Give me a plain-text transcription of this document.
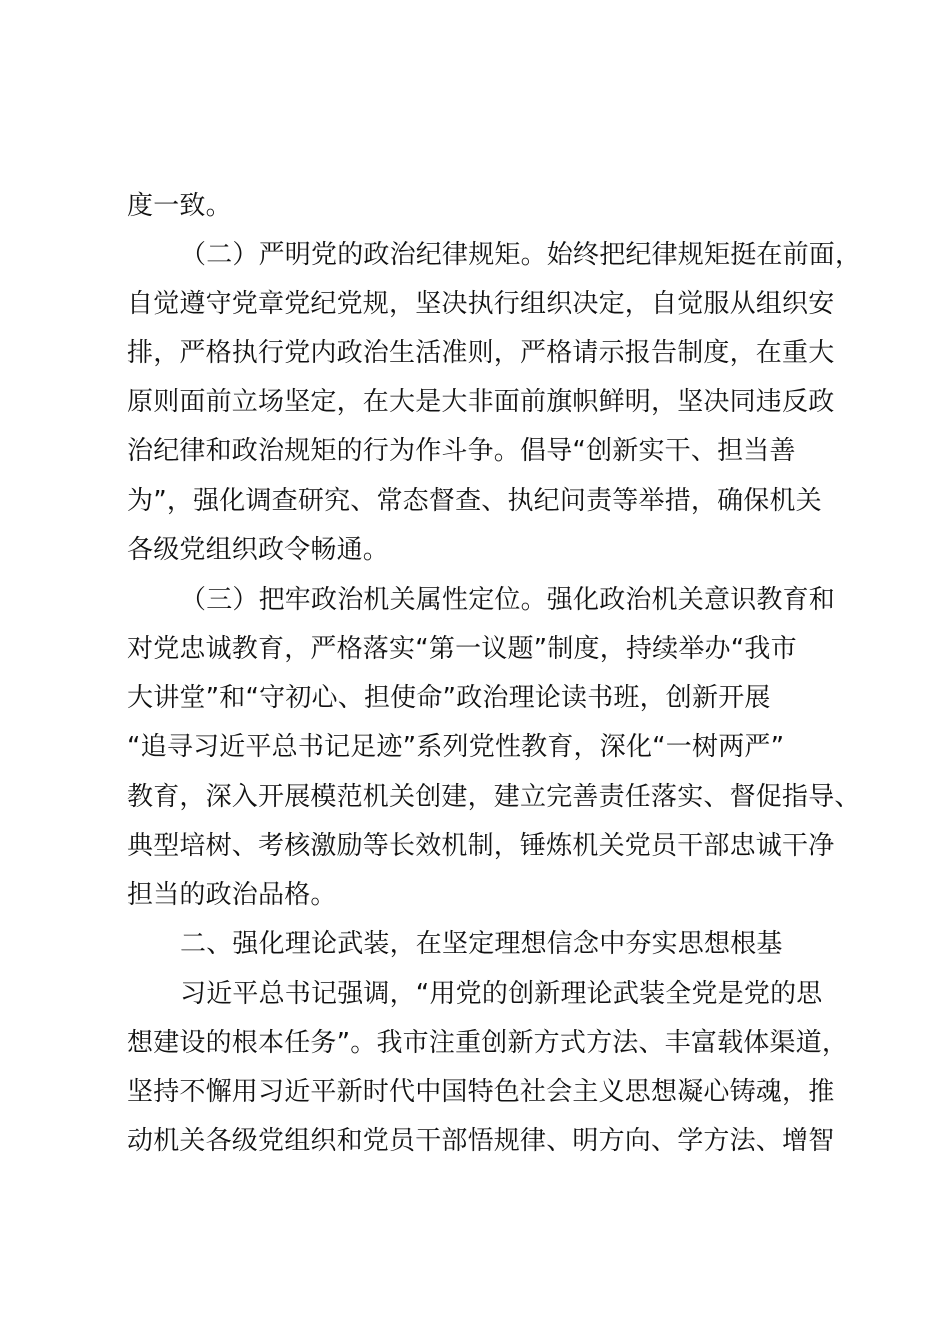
度一致。
（二）严明党的政治纪律规矩。始终把纪律规矩挺在前面，
自觉遵守党章党纪党规，坚决执行组织决定，自觉服从组织安
排，严格执行党内政治生活准则，严格请示报告制度，在重大
原则面前立场坚定，在大是大非面前旗帜鲜明，坚决同违反政
治纪律和政治规矩的行为作斗争。倡导“创新实干、担当善
为”，强化调查研究、常态督查、执纪问责等举措，确保机关
各级党组织政令畅通。
（三）把牢政治机关属性定位。强化政治机关意识教育和
对党忠诚教育，严格落实“第一议题”制度，持续举办“我市
大讲堂”和“守初心、担使命”政治理论读书班，创新开展
“追寻习近平总书记足迹”系列党性教育，深化“一树两严”
教育，深入开展模范机关创建，建立完善责任落实、督促指导、
典型培树、考核激励等长效机制，锤炼机关党员干部忠诚干净
担当的政治品格。
二、强化理论武装，在坚定理想信念中夯实思想根基
习近平总书记强调，“用党的创新理论武装全党是党的思
想建设的根本任务”。我市注重创新方式方法、丰富载体渠道，
坚持不懈用习近平新时代中国特色社会主义思想凝心铸魂，推
动机关各级党组织和党员干部悟规律、明方向、学方法、增智
